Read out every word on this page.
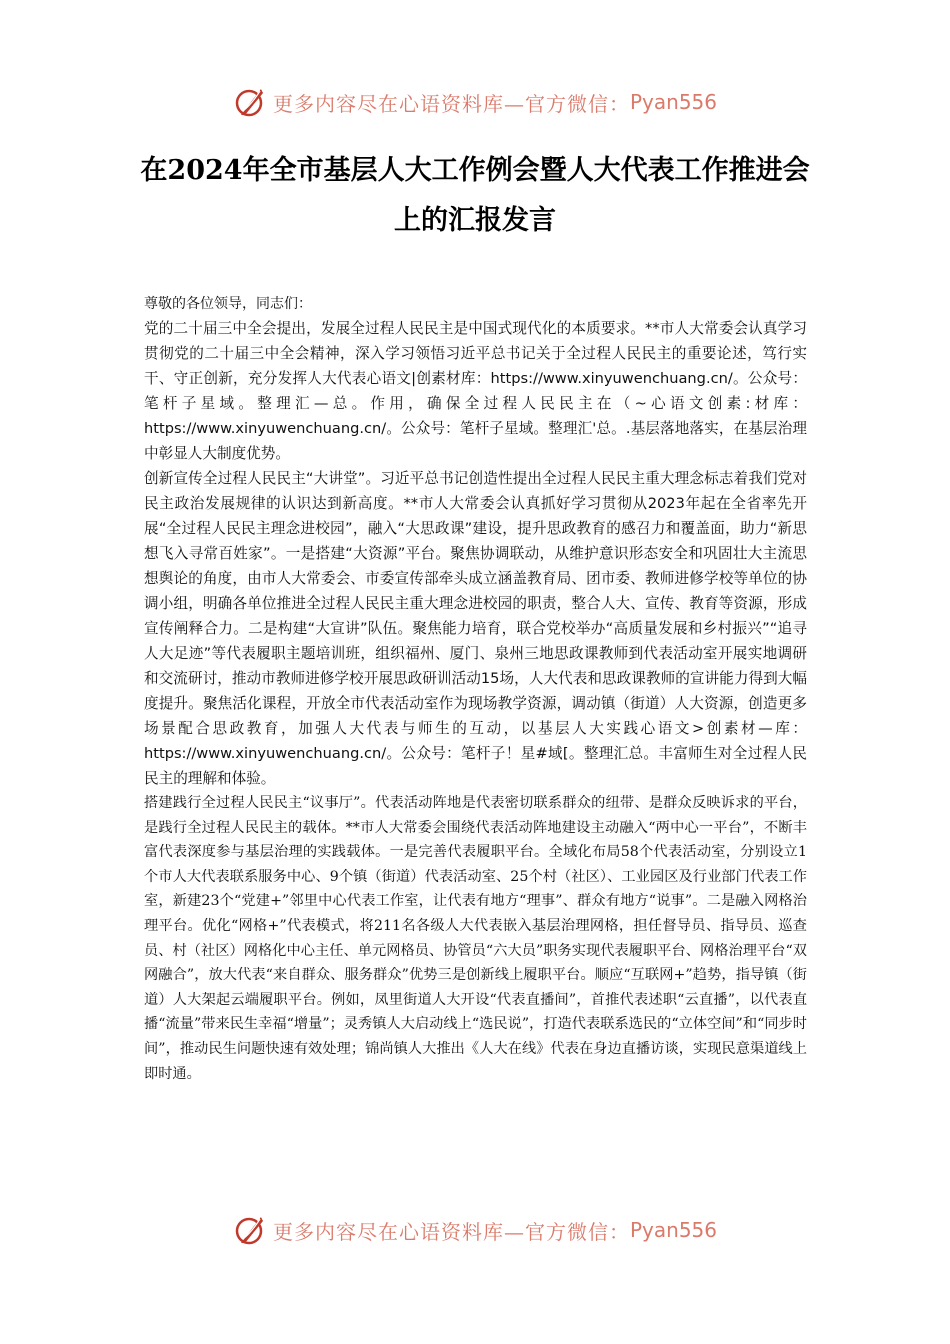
更多内容尽在心语资料库—官方微信： Pyan556
在2024年全市基层人大工作例会暨人大代表工作推进会上的汇报发言

尊敬的各位领导，同志们：

党的二十届三中全会提出，发展全过程人民民主是中国式现代化的本质要求。**市人大常委会认真学习贯彻党的二十届三中全会精神，深入学习领悟习近平总书记关于全过程人民民主的重要论述，笃行实干、守正创新，充分发挥人大代表心语文|创素材库：https://www.xinyuwenchuang.cn/。公众号：笔杆子星域。整理汇—总。作用，确保全过程人民民主在（~心语文创素:材库：https://www.xinyuwenchuang.cn/。公众号：笔杆子星域。整理汇'总。.基层落地落实，在基层治理中彰显人大制度优势。

创新宣传全过程人民民主“大讲堂”。习近平总书记创造性提出全过程人民民主重大理念标志着我们党对民主政治发展规律的认识达到新高度。**市人大常委会认真抓好学习贯彻从2023年起在全省率先开展“全过程人民民主理念进校园”，融入“大思政课”建设，提升思政教育的感召力和覆盖面，助力“新思想飞入寻常百姓家”。一是搭建“大资源”平台。聚焦协调联动，从维护意识形态安全和巩固壮大主流思想舆论的角度，由市人大常委会、市委宣传部牵头成立涵盖教育局、团市委、教师进修学校等单位的协调小组，明确各单位推进全过程人民民主重大理念进校园的职责，整合人大、宣传、教育等资源，形成宣传阐释合力。二是构建“大宣讲”队伍。聚焦能力培育，联合党校举办“高质量发展和乡村振兴”“追寻人大足迹”等代表履职主题培训班，组织福州、厦门、泉州三地思政课教师到代表活动室开展实地调研和交流研讨，推动市教师进修学校开展思政研训活动15场，人大代表和思政课教师的宣讲能力得到大幅度提升。聚焦活化课程，开放全市代表活动室作为现场教学资源，调动镇（街道）人大资源，创造更多场景配合思政教育，加强人大代表与师生的互动，以基层人大实践心语文>创素材—库：https://www.xinyuwenchuang.cn/。公众号：笔杆子！星#域[。整理汇总。丰富师生对全过程人民民主的理解和体验。

搭建践行全过程人民民主“议事厅”。代表活动阵地是代表密切联系群众的纽带、是群众反映诉求的平台，是践行全过程人民民主的载体。**市人大常委会围绕代表活动阵地建设主动融入“两中心一平台”，不断丰富代表深度参与基层治理的实践载体。一是完善代表履职平台。全域化布局58个代表活动室，分别设立1个市人大代表联系服务中心、9个镇（街道）代表活动室、25个村（社区）、工业园区及行业部门代表工作室，新建23个“党建+”邻里中心代表工作室，让代表有地方“理事”、群众有地方“说事”。二是融入网格治理平台。优化“网格+”代表模式，将211名各级人大代表嵌入基层治理网格，担任督导员、指导员、巡查员、村（社区）网格化中心主任、单元网格员、协管员“六大员”职务实现代表履职平台、网格治理平台“双网融合”，放大代表“来自群众、服务群众”优势三是创新线上履职平台。顺应“互联网+”趋势，指导镇（街道）人大架起云端履职平台。例如，凤里街道人大开设“代表直播间”，首推代表述职“云直播”，以代表直播“流量”带来民生幸福“增量”；灵秀镇人大启动线上“选民说”，打造代表联系选民的“立体空间”和“同步时间”，推动民生问题快速有效处理；锦尚镇人大推出《人大在线》代表在身边直播访谈，实现民意渠道线上即时通。

更多内容尽在心语资料库—官方微信： Pyan556
